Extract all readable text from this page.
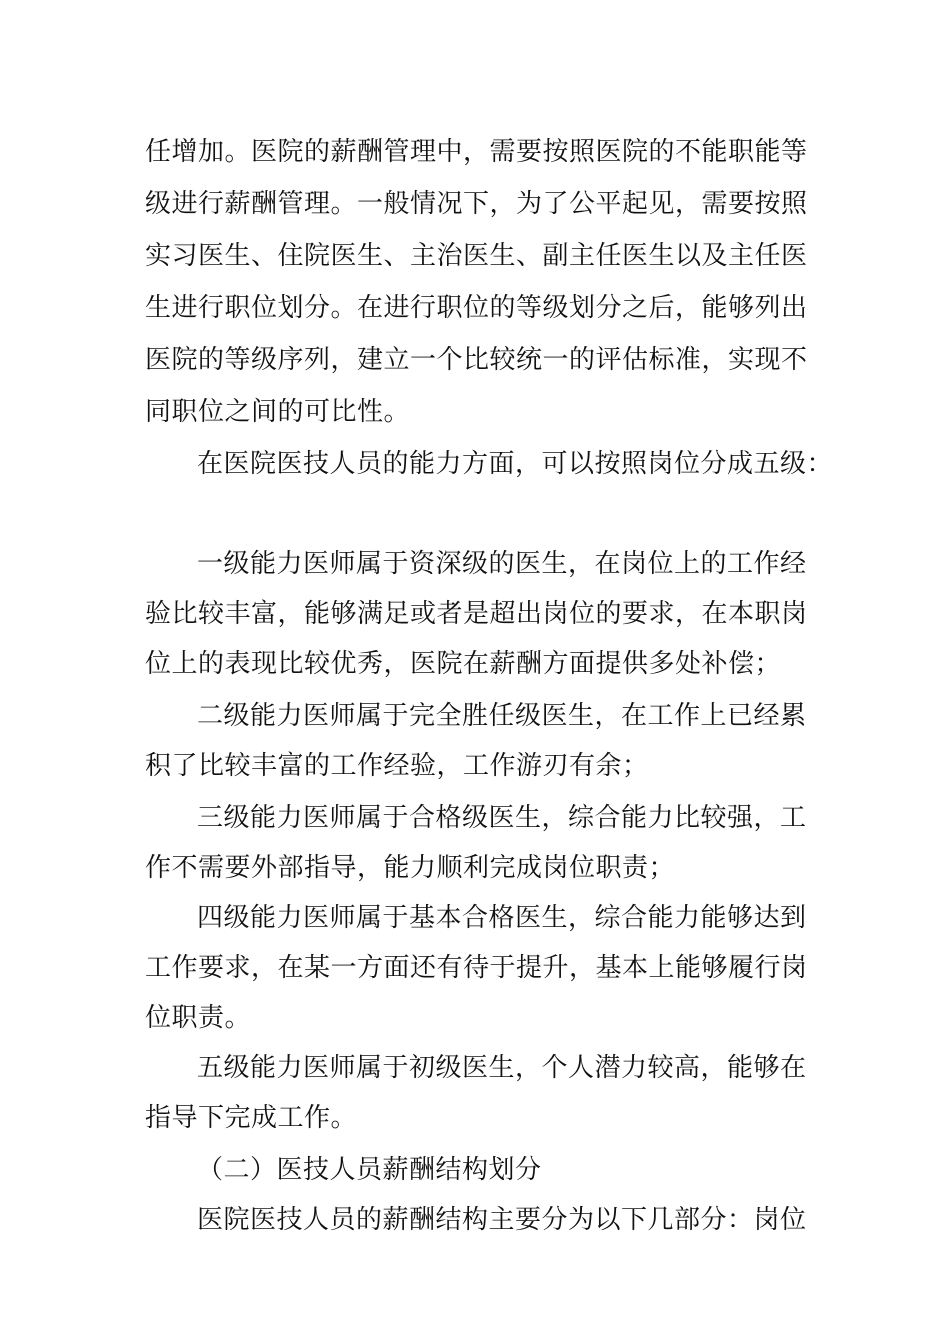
任增加。医院的薪酬管理中，需要按照医院的不能职能等
级进行薪酬管理。一般情况下，为了公平起见，需要按照
实习医生、住院医生、主治医生、副主任医生以及主任医
生进行职位划分。在进行职位的等级划分之后，能够列出
医院的等级序列，建立一个比较统一的评估标准，实现不
同职位之间的可比性。
在医院医技人员的能力方面，可以按照岗位分成五级：
一级能力医师属于资深级的医生，在岗位上的工作经
验比较丰富，能够满足或者是超出岗位的要求，在本职岗
位上的表现比较优秀，医院在薪酬方面提供多处补偿；
二级能力医师属于完全胜任级医生，在工作上已经累
积了比较丰富的工作经验，工作游刃有余；
三级能力医师属于合格级医生，综合能力比较强，工
作不需要外部指导，能力顺利完成岗位职责；
四级能力医师属于基本合格医生，综合能力能够达到
工作要求，在某一方面还有待于提升，基本上能够履行岗
位职责。
五级能力医师属于初级医生，个人潜力较高，能够在
指导下完成工作。
（二）医技人员薪酬结构划分
医院医技人员的薪酬结构主要分为以下几部分：岗位
